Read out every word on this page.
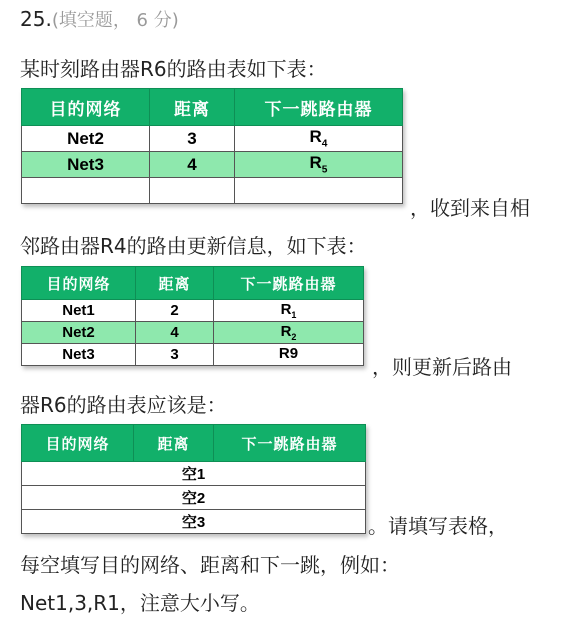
25.(填空题， 6 分)
某时刻路由器R6的路由表如下表：
目的网络	距离	下一跳路由器
Net2	3	$R_4$
Net3	4	$R_5$

，收到来自相
邻路由器R4的路由更新信息，如下表：
目的网络	距离	下一跳路由器
Net1	2	$R_1$
Net2	4	$R_2$
Net3	3	R9
，则更新后路由
器R6的路由表应该是：
目的网络	距离	下一跳路由器
空1
空2
空3	。请填写表格，
每空填写目的网络、距离和下一跳，例如：
Net1,3,R1，注意大小写。
